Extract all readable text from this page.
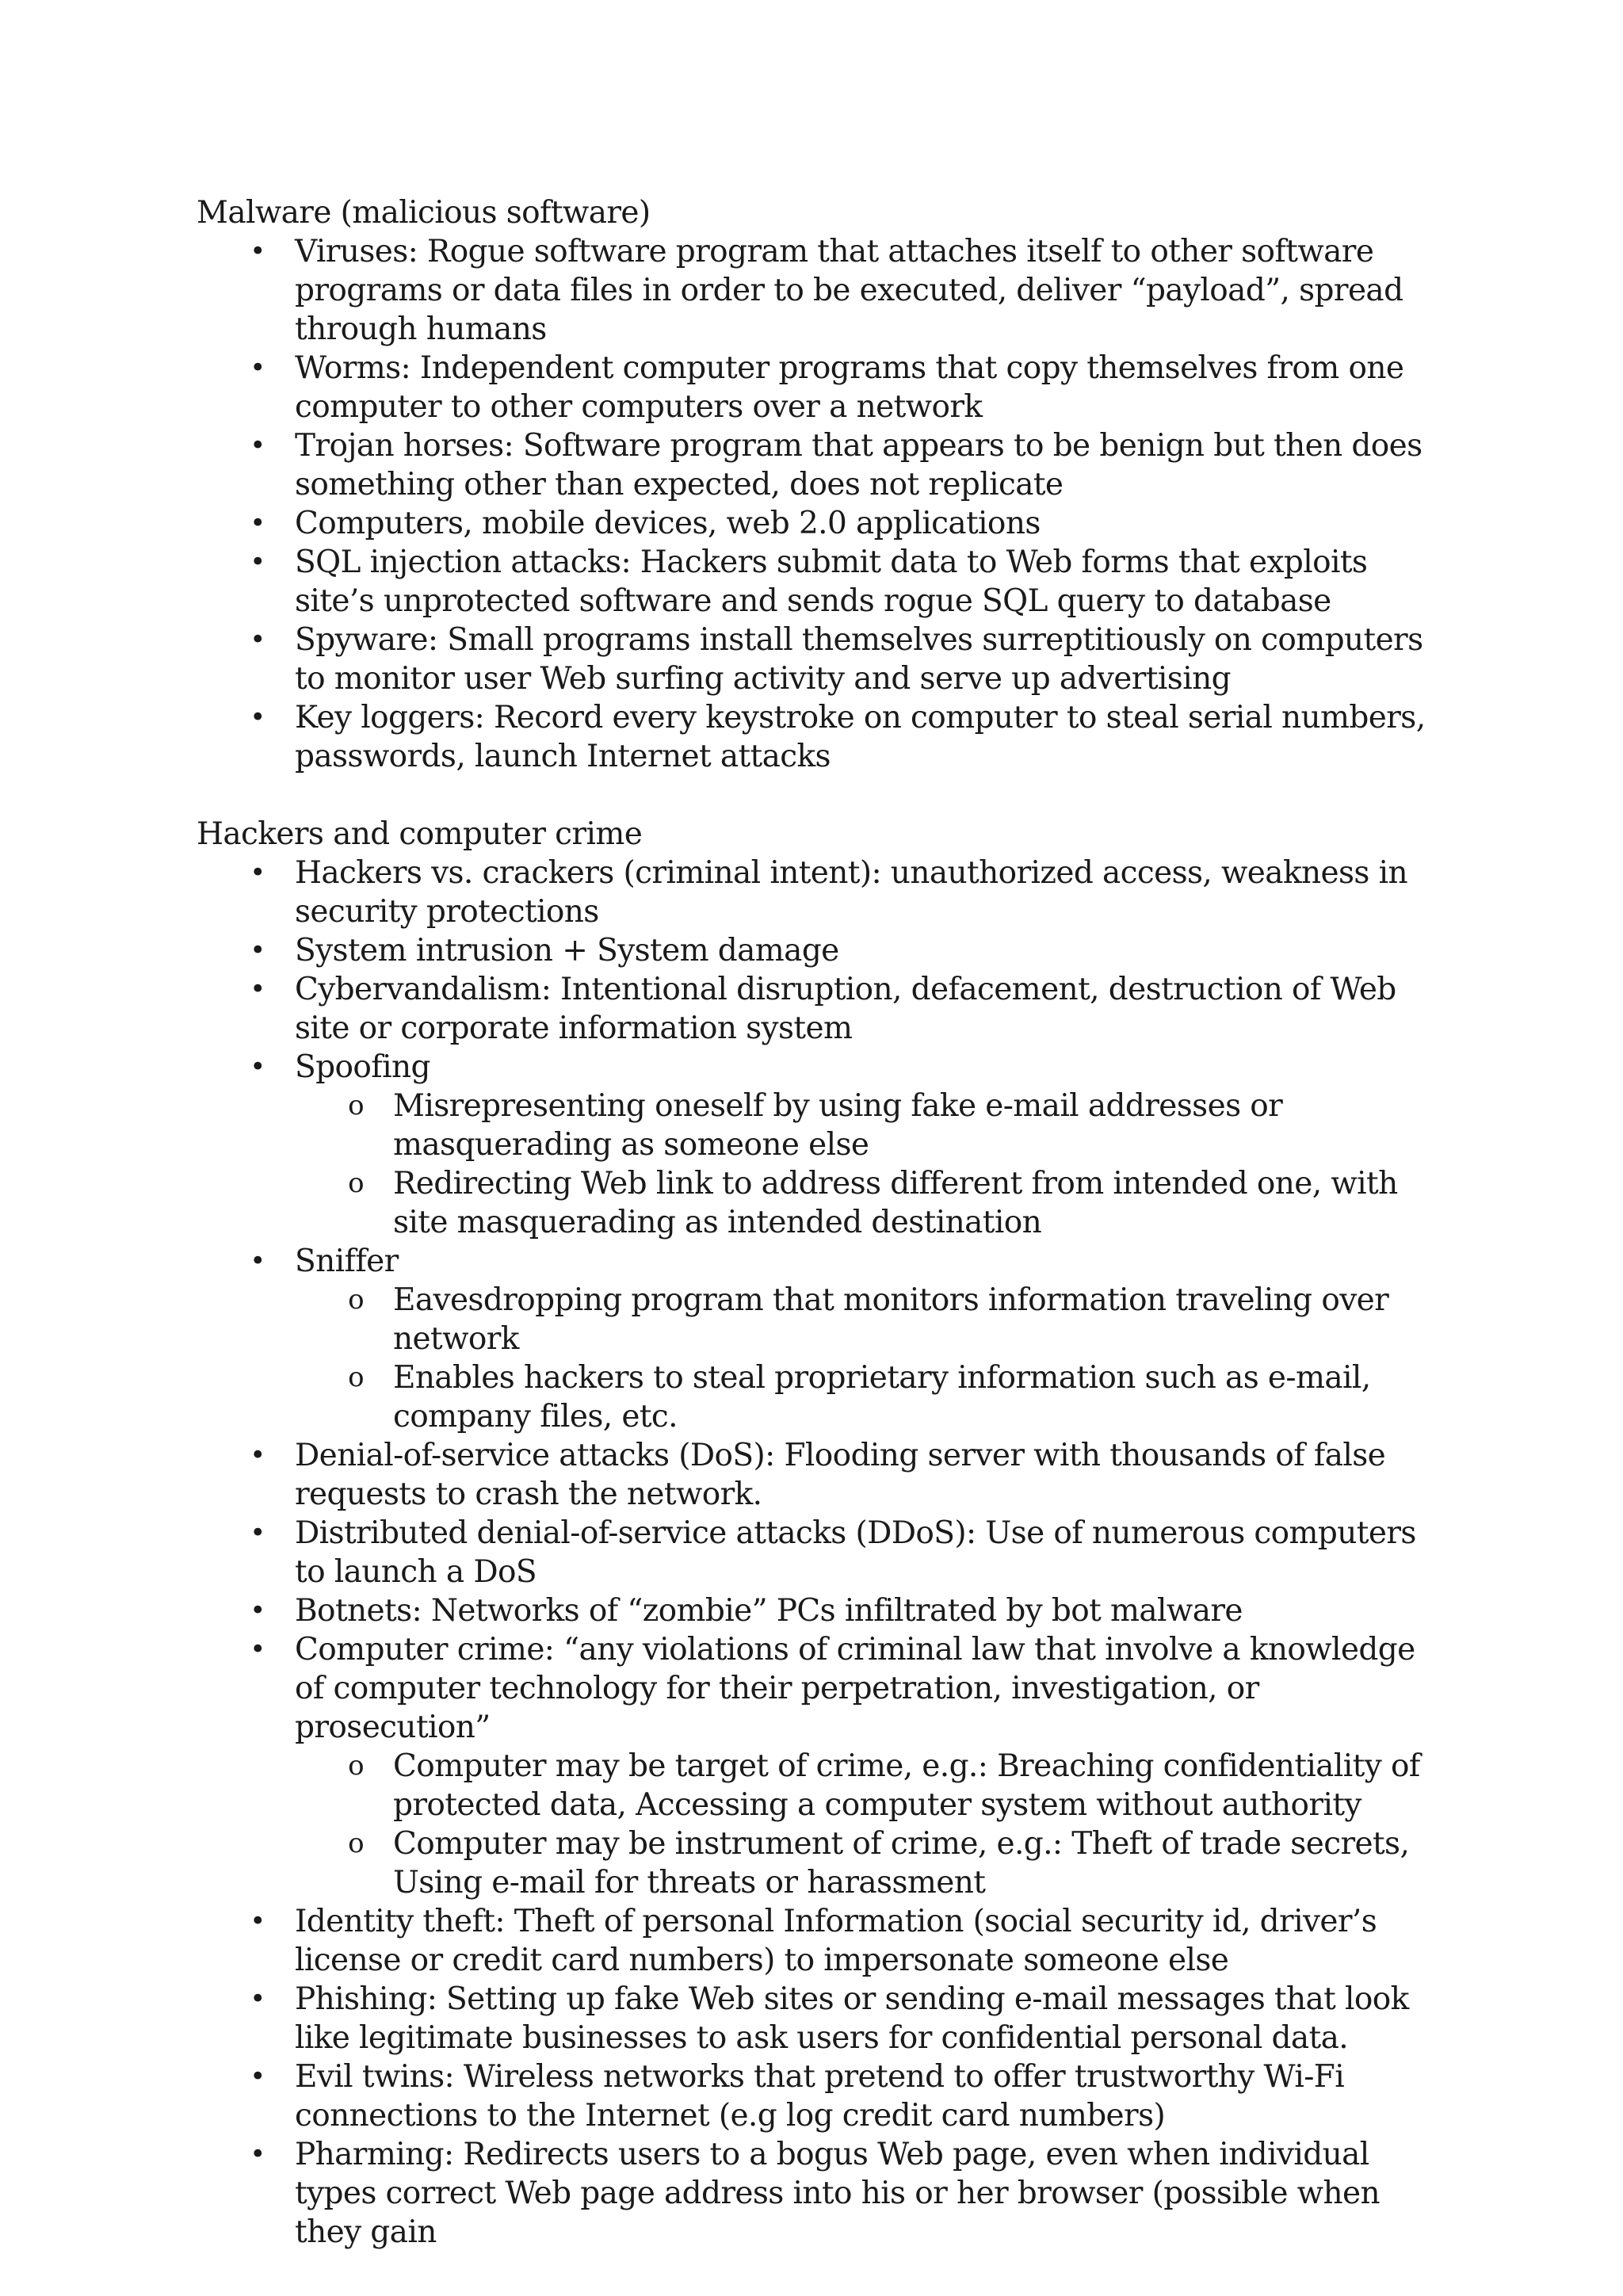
Malware (malicious software)

• Viruses: Rogue software program that attaches itself to other software programs or data files in order to be executed, deliver “payload”, spread through humans
• Worms: Independent computer programs that copy themselves from one computer to other computers over a network
• Trojan horses: Software program that appears to be benign but then does something other than expected, does not replicate
• Computers, mobile devices, web 2.0 applications
• SQL injection attacks: Hackers submit data to Web forms that exploits site’s unprotected software and sends rogue SQL query to database
• Spyware: Small programs install themselves surreptitiously on computers to monitor user Web surfing activity and serve up advertising
• Key loggers: Record every keystroke on computer to steal serial numbers, passwords, launch Internet attacks

Hackers and computer crime

• Hackers vs. crackers (criminal intent): unauthorized access, weakness in security protections
• System intrusion + System damage
• Cybervandalism: Intentional disruption, defacement, destruction of Web site or corporate information system
• Spoofing
o Misrepresenting oneself by using fake e-mail addresses or masquerading as someone else
o Redirecting Web link to address different from intended one, with site masquerading as intended destination
• Sniffer
o Eavesdropping program that monitors information traveling over network
o Enables hackers to steal proprietary information such as e-mail, company files, etc.
• Denial-of-service attacks (DoS): Flooding server with thousands of false requests to crash the network.
• Distributed denial-of-service attacks (DDoS): Use of numerous computers to launch a DoS
• Botnets: Networks of “zombie” PCs infiltrated by bot malware
• Computer crime: “any violations of criminal law that involve a knowledge of computer technology for their perpetration, investigation, or prosecution”
o Computer may be target of crime, e.g.: Breaching confidentiality of protected data, Accessing a computer system without authority
o Computer may be instrument of crime, e.g.: Theft of trade secrets, Using e-mail for threats or harassment
• Identity theft: Theft of personal Information (social security id, driver’s license or credit card numbers) to impersonate someone else
• Phishing: Setting up fake Web sites or sending e-mail messages that look like legitimate businesses to ask users for confidential personal data.
• Evil twins: Wireless networks that pretend to offer trustworthy Wi-Fi connections to the Internet (e.g log credit card numbers)
• Pharming: Redirects users to a bogus Web page, even when individual types correct Web page address into his or her browser (possible when they gain
